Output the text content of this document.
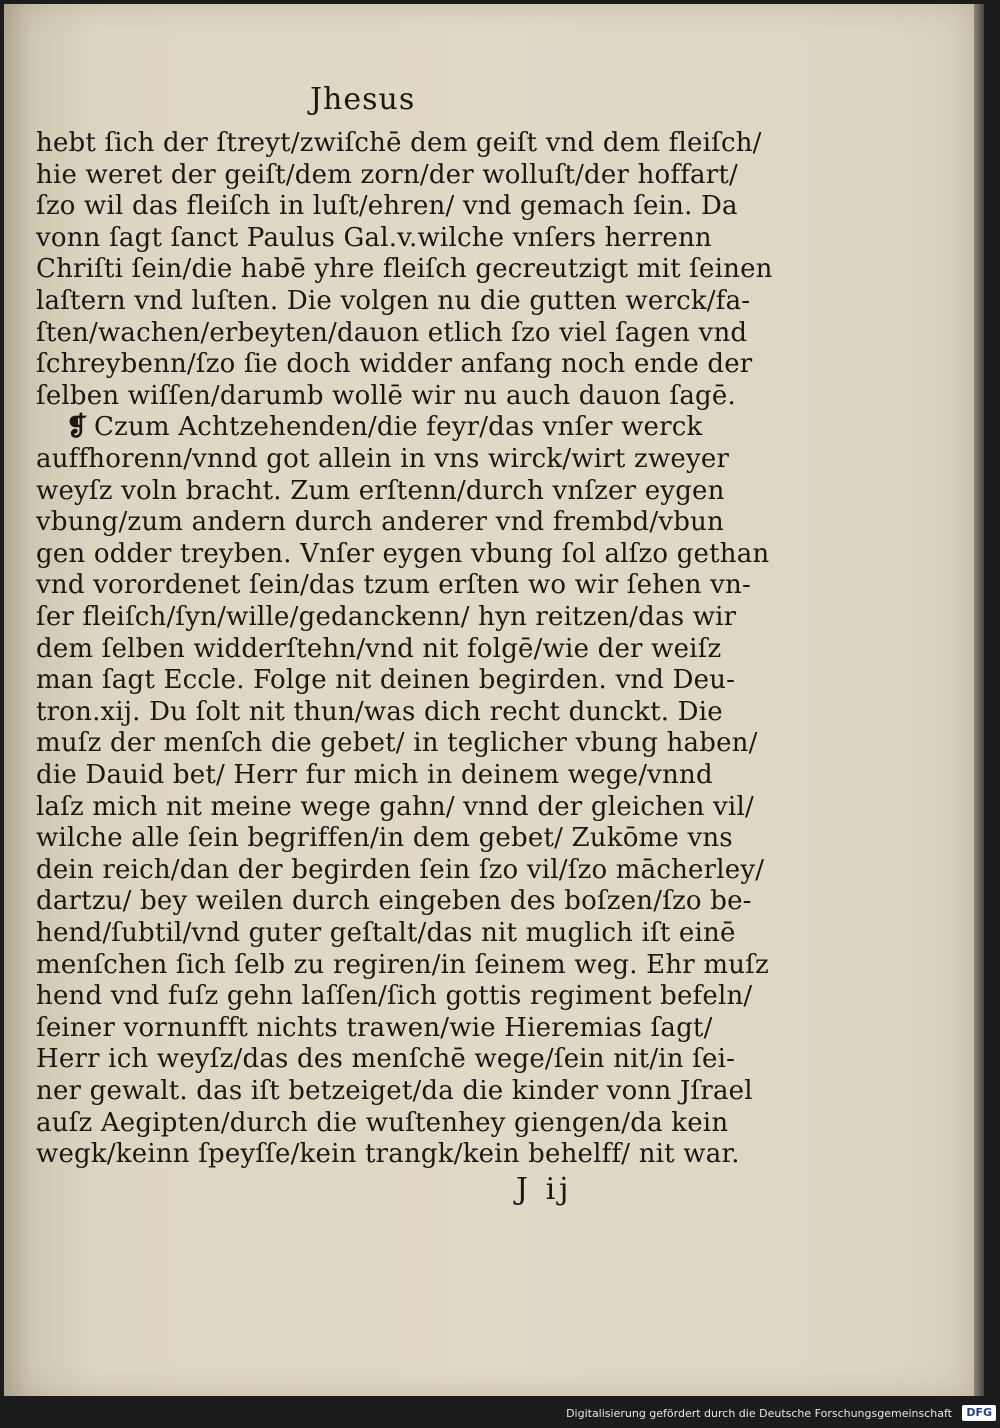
Jhesus
hebt ſich der ſtreyt/zwiſchē dem geiſt vnd dem fleiſch/
hie weret der geiſt/dem zorn/der wolluſt/der hoffart/
ſzo wil das fleiſch in luſt/ehren/ vnd gemach ſein. Da
vonn ſagt ſanct Paulus Gal.v.wilche vnſers herrenn
Chriſti ſein/die habē yhre fleiſch gecreutzigt mit ſeinen
laſtern vnd luſten. Die volgen nu die gutten werck/fa-
ſten/wachen/erbeyten/dauon etlich ſzo viel ſagen vnd
ſchreybenn/ſzo ſie doch widder anfang noch ende der
ſelben wiſſen/darumb wollē wir nu auch dauon ſagē.
❡ Czum Achtzehenden/die feyr/das vnſer werck
auffhorenn/vnnd got allein in vns wirck/wirt zweyer
weyſz voln bracht. Zum erſtenn/durch vnſzer eygen
vbung/zum andern durch anderer vnd frembd/vbun
gen odder treyben. Vnſer eygen vbung ſol alſzo gethan
vnd vorordenet ſein/das tzum erſten wo wir ſehen vn-
ſer fleiſch/ſyn/wille/gedanckenn/ hyn reitzen/das wir
dem ſelben widderſtehn/vnd nit folgē/wie der weiſz
man ſagt Eccle. Folge nit deinen begirden. vnd Deu-
tron.xij. Du ſolt nit thun/was dich recht dunckt. Die
muſz der menſch die gebet/ in teglicher vbung haben/
die Dauid bet/ Herr fur mich in deinem wege/vnnd
laſz mich nit meine wege gahn/ vnnd der gleichen vil/
wilche alle ſein begriffen/in dem gebet/ Zukōme vns
dein reich/dan der begirden ſein ſzo vil/ſzo mācherley/
dartzu/ bey weilen durch eingeben des boſzen/ſzo be-
hend/ſubtil/vnd guter geſtalt/das nit muglich iſt einē
menſchen ſich ſelb zu regiren/in ſeinem weg. Ehr muſz
hend vnd fuſz gehn laſſen/ſich gottis regiment befeln/
ſeiner vornunfft nichts trawen/wie Hieremias ſagt/
Herr ich weyſz/das des menſchē wege/ſein nit/in ſei-
ner gewalt. das iſt betzeiget/da die kinder vonn Jſrael
auſz Aegipten/durch die wuſtenhey giengen/da kein
wegk/keinn ſpeyſſe/kein trangk/kein behelff/ nit war.
J ij
Digitalisierung gefördert durch die Deutsche Forschungsgemeinschaft	DFG
